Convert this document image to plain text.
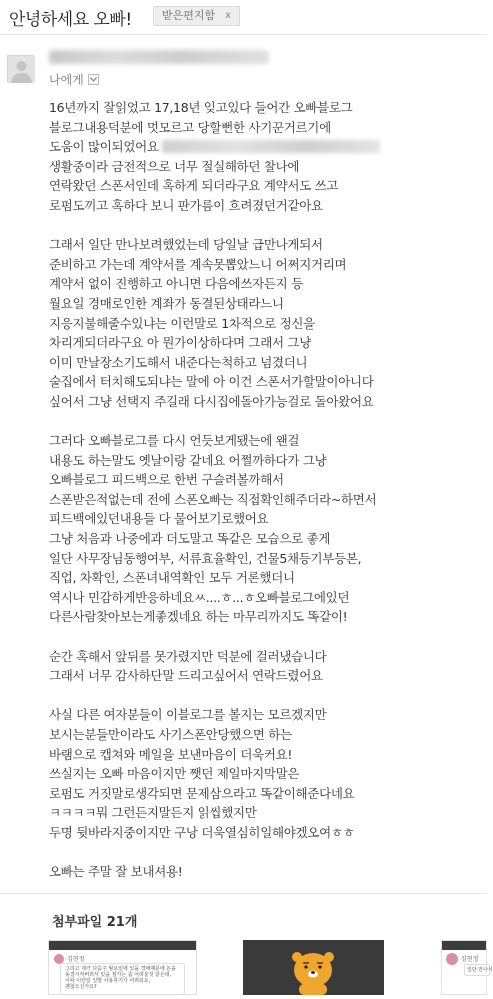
안녕하세요 오빠!	받은편지함 x
나에게

16년까지 잘읽었고 17,18년 잊고있다 들어간 오빠블로그
블로그내용덕분에 멋모르고 당할뻔한 사기꾼거르기에
도움이 많이되었어요
생활중이라 금전적으로 너무 절실해하던 찰나에
연락왔던 스폰서인데 혹하게 되더라구요 계약서도 쓰고
로펌도끼고 혹하다 보니 판가름이 흐려졌던거같아요

그래서 일단 만나보려했었는데 당일날 급만나게되서
준비하고 가는데 계약서를 계속못뽑았느니 어쩌지거리며
계약서 없이 진행하고 아니면 다음에쓰자든지 등
월요일 경매로인한 계좌가 동결된상태라느니
지응지불해줄수있냐는 이런말로 1차적으로 정신을
차리게되더라구요 아 뭔가이상하다며 그래서 그냥
이미 만날장소기도해서 내준다는척하고 넘겼더니
술집에서 터치해도되냐는 말에 아 이건 스폰서가할말이아니다
싶어서 그냥 선택지 주길래 다시집에돌아가능걸로 돌아왔어요

그러다 오빠블로그를 다시 언듯보게됐는에 왠걸
내용도 하는말도 옛날이랑 같네요 어쩔까하다가 그냥
오빠블로그 피드백으로 한번 구슬려볼까해서
스폰받은적없는데 전에 스폰오빠는 직접확인해주더라~하면서
피드백에있던내용들 다 물어보기로했어요
그냥 처음과 나중에과 더도말고 똑같은 모습으로 좋게
일단 사무장님동행여부, 서류효율확인, 건물5채등기부등본,
직업, 차확인, 스폰녀내역확인 모두 거론했더니
역시나 민감하게반응하네요ㅆ....ㅎ...ㅎ오빠블로그에있던
다른사람찾아보는게좋겠네요 하는 마무리까지도 똑같이!

순간 혹해서 앞뒤를 못가렸지만 덕분에 걸러냈습니다
그래서 너무 감사하단말 드리고싶어서 연락드렸어요

사실 다른 여자분들이 이블로그를 볼지는 모르겠지만
보시는분들만이라도 사기스폰안당했으면 하는
바램으로 캡쳐와 메일을 보낸마음이 더욱커요!
쓰실지는 오빠 마음이지만 쨋던 제일마지막말은
로펌도 거짓말로생각되면 문제삼으라고 똑같이해준다네요
ㅋㅋㅋㅋ뭐 그런든지말든지 읽씹했지만
두명 뒷바라지중이지만 구낭 더욱열심히일해야겠오여ㅎㅎ

오빠는 주말 잘 보내셔용!

첨부파일 21개
김현정
그리고 제가 다음주 월요일에 있을 경매때문에 돈을
동결시켜버려서 있을 점가는 좀 어려울것 같은데,
이따 이런일 일말 사용하기가 어려워요,
괜찮으신가요?
김현정
일단 만나서
